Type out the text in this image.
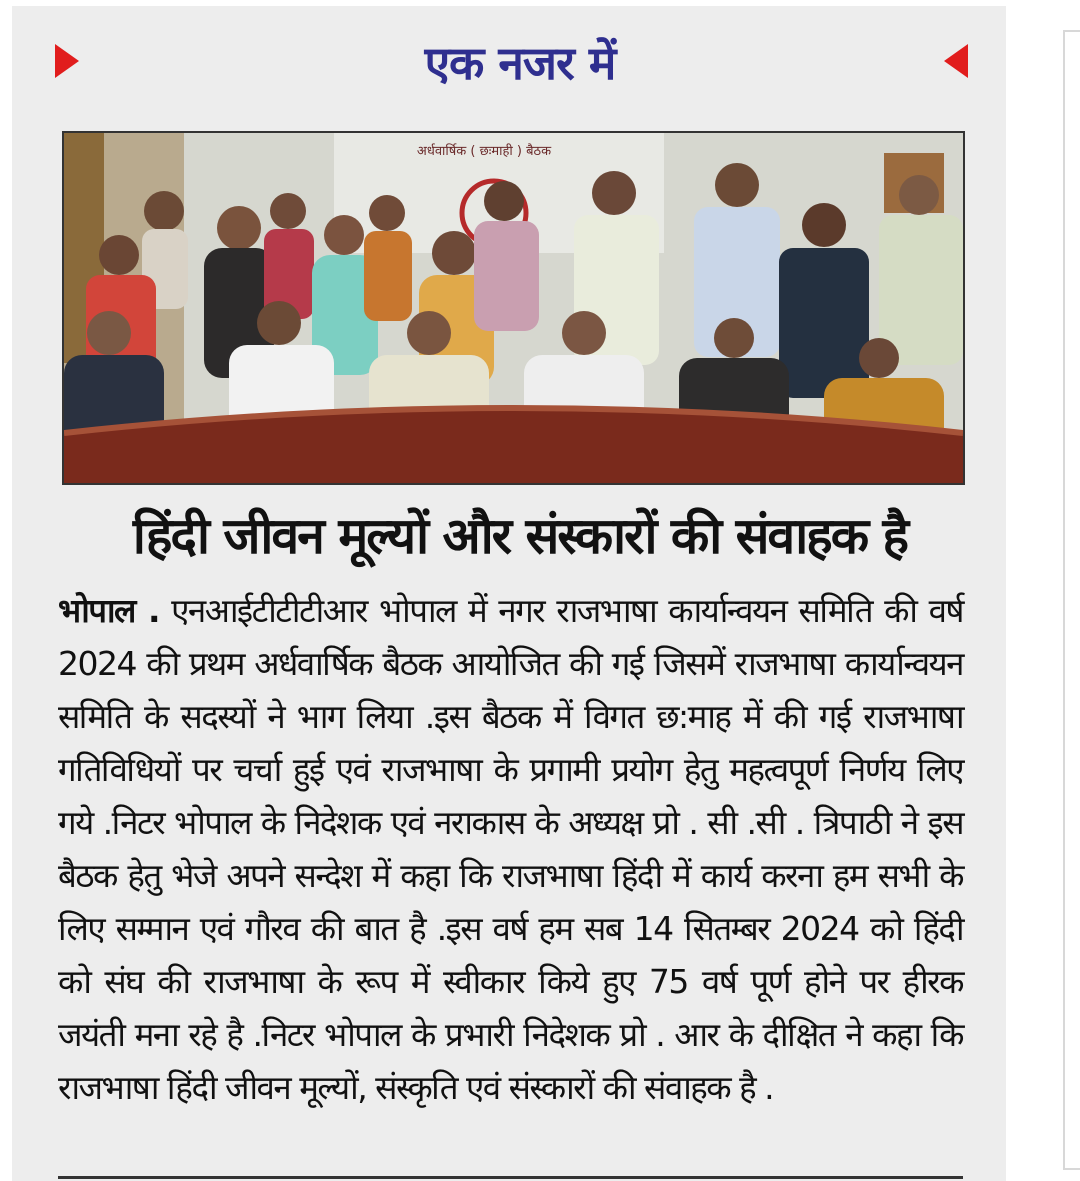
एक नजर में
अर्धवार्षिक ( छःमाही ) बैठक
हिंदी जीवन मूल्यों और संस्कारों की संवाहक है
भोपाल . एनआईटीटीटीआर भोपाल में नगर राजभाषा कार्यान्वयन समिति की वर्ष 2024 की प्रथम अर्धवार्षिक बैठक आयोजित की गई जिसमें राजभाषा कार्यान्वयन समिति के सदस्यों ने भाग लिया .इस बैठक में विगत छ:माह में की गई राजभाषा गतिविधियों पर चर्चा हुई एवं राजभाषा के प्रगामी प्रयोग हेतु महत्वपूर्ण निर्णय लिए गये .निटर भोपाल के निदेशक एवं नराकास के अध्यक्ष प्रो . सी .सी . त्रिपाठी ने इस बैठक हेतु भेजे अपने सन्देश में कहा कि राजभाषा हिंदी में कार्य करना हम सभी के लिए सम्मान एवं गौरव की बात है .इस वर्ष हम सब 14 सितम्बर 2024 को हिंदी को संघ की राजभाषा के रूप में स्वीकार किये हुए 75 वर्ष पूर्ण होने पर हीरक जयंती मना रहे है .निटर भोपाल के प्रभारी निदेशक प्रो . आर के दीक्षित ने कहा कि राजभाषा हिंदी जीवन मूल्यों, संस्कृति एवं संस्कारों की संवाहक है .
